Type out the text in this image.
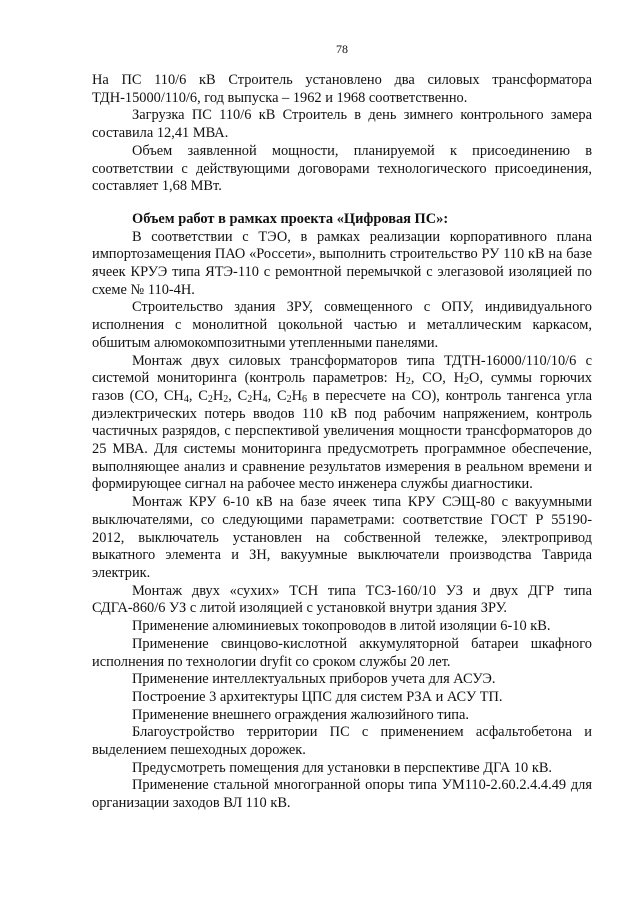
78

На ПС 110/6 кВ Строитель установлено два силовых трансформатора ТДН-15000/110/6, год выпуска – 1962 и 1968 соответственно.

Загрузка ПС 110/6 кВ Строитель в день зимнего контрольного замера составила 12,41 МВА.

Объем заявленной мощности, планируемой к присоединению в соответствии с действующими договорами технологического присоединения, составляет 1,68 МВт.

Объем работ в рамках проекта «Цифровая ПС»:

В соответствии с ТЭО, в рамках реализации корпоративного плана импортозамещения ПАО «Россети», выполнить строительство РУ 110 кВ на базе ячеек КРУЭ типа ЯТЭ-110 с ремонтной перемычкой с элегазовой изоляцией по схеме № 110-4Н.

Строительство здания ЗРУ, совмещенного с ОПУ, индивидуального исполнения с монолитной цокольной частью и металлическим каркасом, обшитым алюмокомпозитными утепленными панелями.

Монтаж двух силовых трансформаторов типа ТДТН-16000/110/10/6 с системой мониторинга (контроль параметров: $H_2$, CO, $H_2O$, суммы горючих газов (CO, $CH_4$, $C_2H_2$, $C_2H_4$, $C_2H_6$ в пересчете на CO), контроль тангенса угла диэлектрических потерь вводов 110 кВ под рабочим напряжением, контроль частичных разрядов, с перспективой увеличения мощности трансформаторов до 25 МВА. Для системы мониторинга предусмотреть программное обеспечение, выполняющее анализ и сравнение результатов измерения в реальном времени и формирующее сигнал на рабочее место инженера службы диагностики.

Монтаж КРУ 6-10 кВ на базе ячеек типа КРУ СЭЩ-80 с вакуумными выключателями, со следующими параметрами: соответствие ГОСТ Р 55190-2012, выключатель установлен на собственной тележке, электропривод выкатного элемента и ЗН, вакуумные выключатели производства Таврида электрик.

Монтаж двух «сухих» ТСН типа ТСЗ-160/10 УЗ и двух ДГР типа СДГА-860/6 УЗ с литой изоляцией с установкой внутри здания ЗРУ.

Применение алюминиевых токопроводов в литой изоляции 6-10 кВ.

Применение свинцово-кислотной аккумуляторной батареи шкафного исполнения по технологии dryfit со сроком службы 20 лет.

Применение интеллектуальных приборов учета для АСУЭ.

Построение 3 архитектуры ЦПС для систем РЗА и АСУ ТП.

Применение внешнего ограждения жалюзийного типа.

Благоустройство территории ПС с применением асфальтобетона и выделением пешеходных дорожек.

Предусмотреть помещения для установки в перспективе ДГА 10 кВ.

Применение стальной многогранной опоры типа УМ110-2.60.2.4.4.49 для организации заходов ВЛ 110 кВ.
